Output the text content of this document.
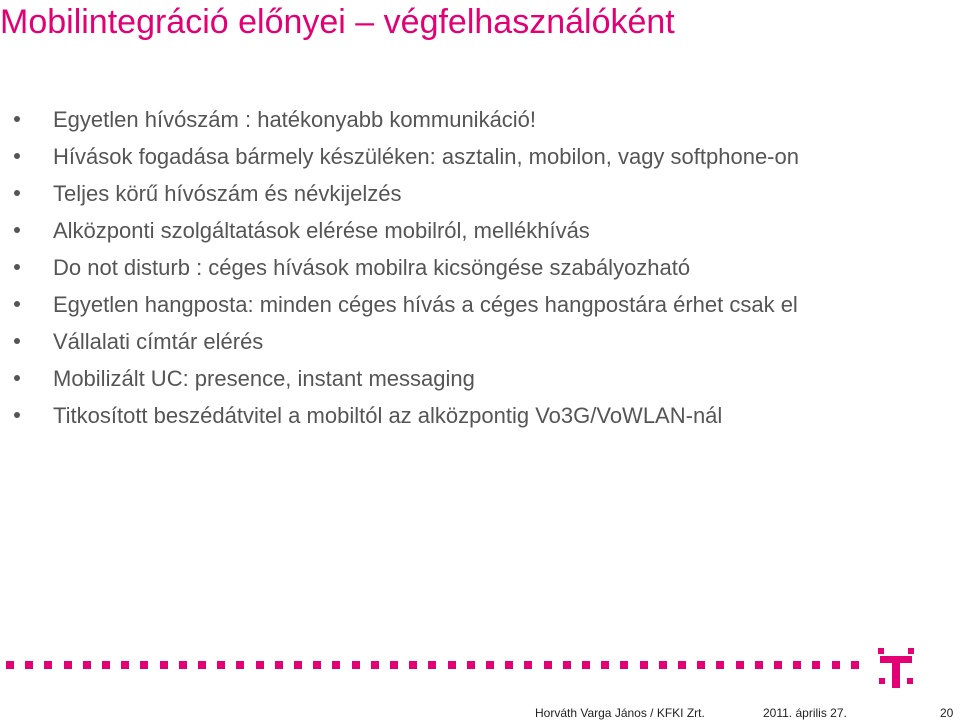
Mobilintegráció előnyei – végfelhasználóként
Egyetlen hívószám : hatékonyabb kommunikáció!
Hívások fogadása bármely készüléken: asztalin, mobilon, vagy softphone-on
Teljes körű hívószám és névkijelzés
Alközponti szolgáltatások elérése mobilról, mellékhívás
Do not disturb : céges hívások mobilra kicsöngése szabályozható
Egyetlen hangposta: minden céges hívás a céges hangpostára érhet csak el
Vállalati címtár elérés
Mobilizált UC: presence, instant messaging
Titkosított beszédátvitel a mobiltól az alközpontig Vo3G/VoWLAN-nál
Horváth Varga János / KFKI Zrt.	2011. április 27.	20
